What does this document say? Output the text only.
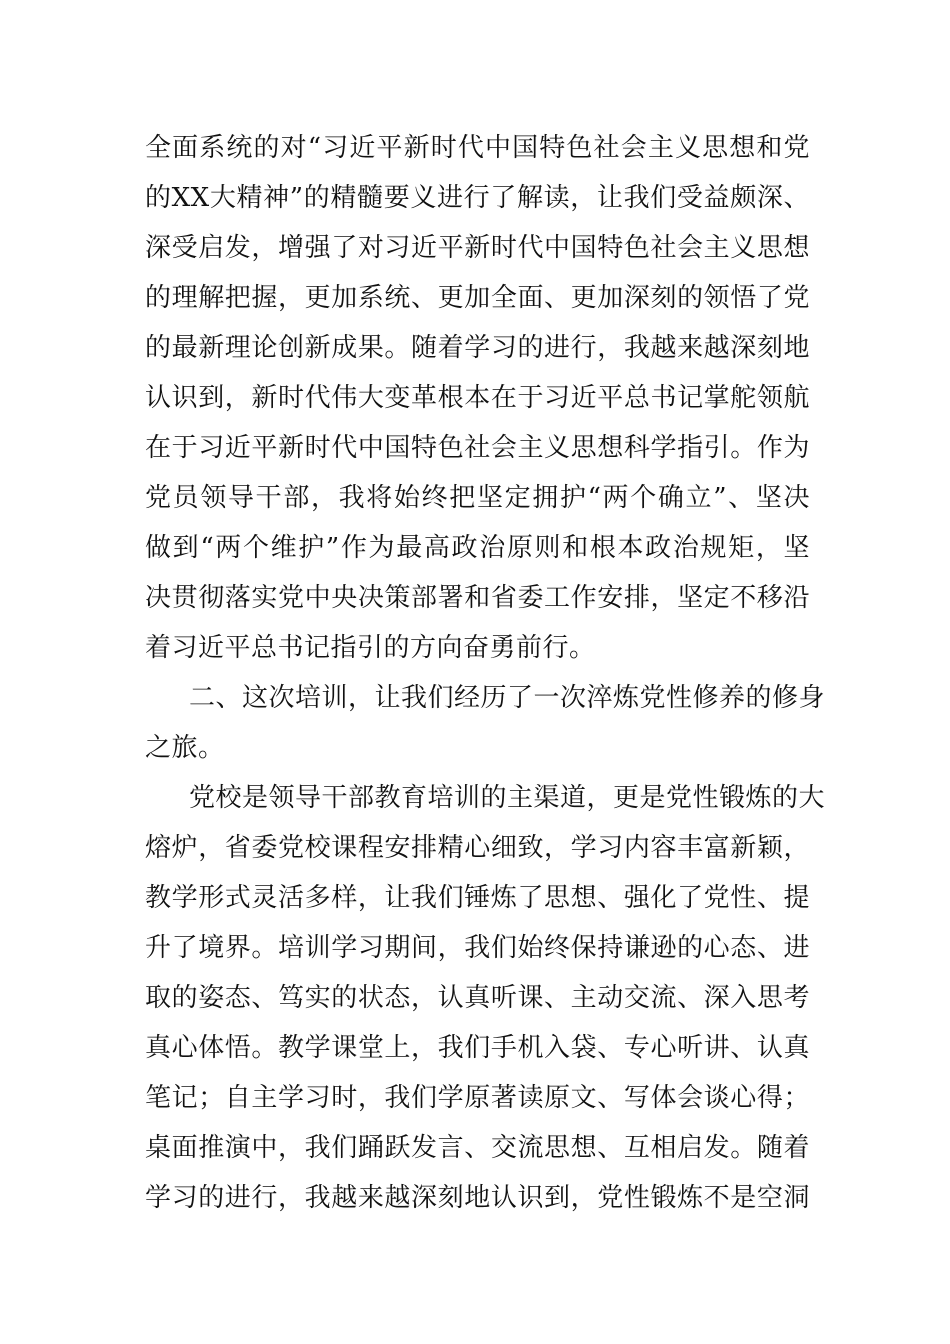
全面系统的对“习近平新时代中国特色社会主义思想和党
的XX大精神”的精髓要义进行了解读，让我们受益颇深、
深受启发，增强了对习近平新时代中国特色社会主义思想
的理解把握，更加系统、更加全面、更加深刻的领悟了党
的最新理论创新成果。随着学习的进行，我越来越深刻地
认识到，新时代伟大变革根本在于习近平总书记掌舵领航
在于习近平新时代中国特色社会主义思想科学指引。作为
党员领导干部，我将始终把坚定拥护“两个确立”、坚决
做到“两个维护”作为最高政治原则和根本政治规矩，坚
决贯彻落实党中央决策部署和省委工作安排，坚定不移沿
着习近平总书记指引的方向奋勇前行。
二、这次培训，让我们经历了一次淬炼党性修养的修身
之旅。
党校是领导干部教育培训的主渠道，更是党性锻炼的大
熔炉，省委党校课程安排精心细致，学习内容丰富新颖，
教学形式灵活多样，让我们锤炼了思想、强化了党性、提
升了境界。培训学习期间，我们始终保持谦逊的心态、进
取的姿态、笃实的状态，认真听课、主动交流、深入思考
真心体悟。教学课堂上，我们手机入袋、专心听讲、认真
笔记；自主学习时，我们学原著读原文、写体会谈心得；
桌面推演中，我们踊跃发言、交流思想、互相启发。随着
学习的进行，我越来越深刻地认识到，党性锻炼不是空洞
